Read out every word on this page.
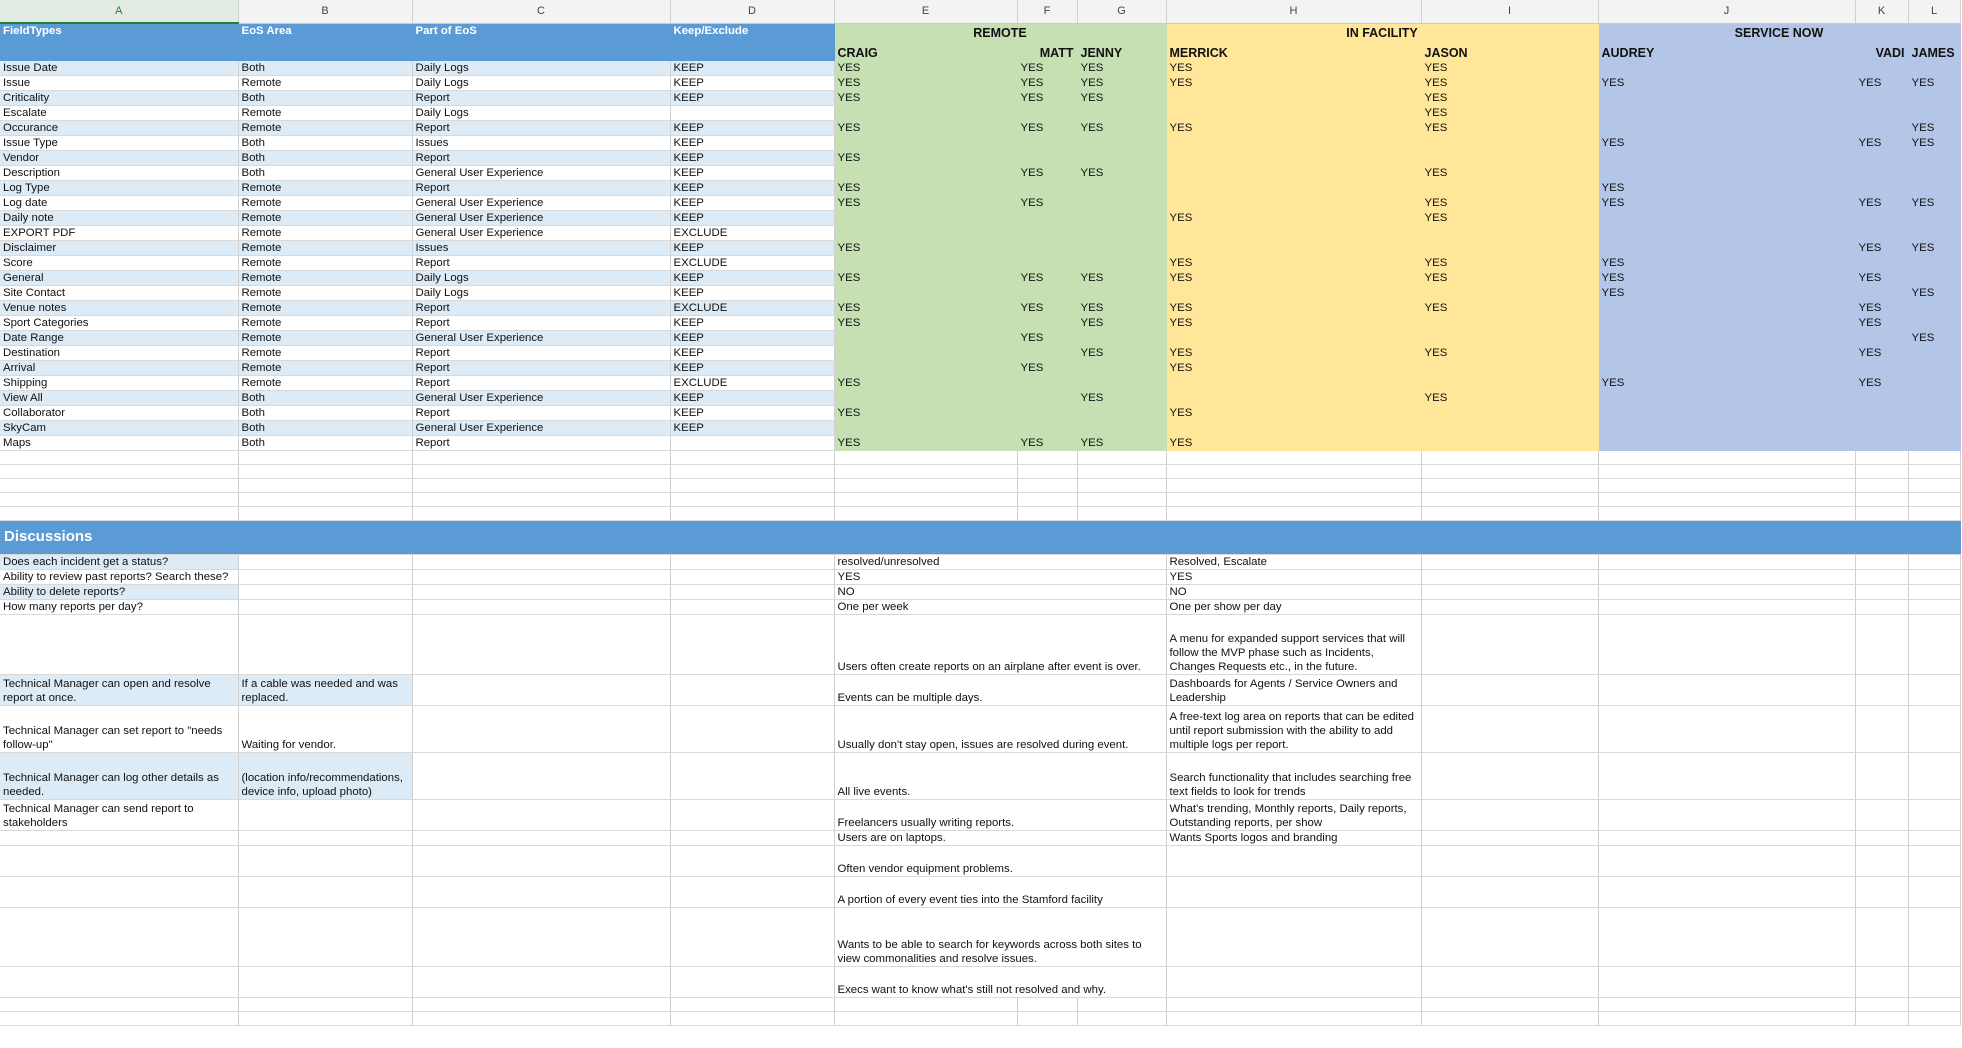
A	B	C	D	E	F	G	H	I	J	K	L
FieldTypes	EoS Area	Part of EoS	Keep/Exclude	REMOTE			IN FACILITY		SERVICE NOW		
				CRAIG	MATT	JENNY	MERRICK	JASON	AUDREY	VADI	JAMES
Issue Date	Both	Daily Logs	KEEP	YES	YES	YES	YES	YES			
Issue	Remote	Daily Logs	KEEP	YES	YES	YES	YES	YES	YES	YES	YES
Criticality	Both	Report	KEEP	YES	YES	YES		YES			
Escalate	Remote	Daily Logs						YES			
Occurance	Remote	Report	KEEP	YES	YES	YES	YES	YES			YES
Issue Type	Both	Issues	KEEP						YES	YES	YES
Vendor	Both	Report	KEEP	YES							
Description	Both	General User Experience	KEEP		YES	YES		YES			
Log Type	Remote	Report	KEEP	YES					YES		
Log date	Remote	General User Experience	KEEP	YES	YES			YES	YES	YES	YES
Daily note	Remote	General User Experience	KEEP				YES	YES			
EXPORT PDF	Remote	General User Experience	EXCLUDE								
Disclaimer	Remote	Issues	KEEP	YES						YES	YES
Score	Remote	Report	EXCLUDE				YES	YES	YES		
General	Remote	Daily Logs	KEEP	YES	YES	YES	YES	YES	YES	YES	
Site Contact	Remote	Daily Logs	KEEP						YES		YES
Venue notes	Remote	Report	EXCLUDE	YES	YES	YES	YES	YES		YES	
Sport Categories	Remote	Report	KEEP	YES		YES	YES			YES	
Date Range	Remote	General User Experience	KEEP		YES						YES
Destination	Remote	Report	KEEP			YES	YES	YES		YES	
Arrival	Remote	Report	KEEP		YES		YES				
Shipping	Remote	Report	EXCLUDE	YES					YES	YES	
View All	Both	General User Experience	KEEP			YES		YES			
Collaborator	Both	Report	KEEP	YES			YES				
SkyCam	Both	General User Experience	KEEP								
Maps	Both	Report		YES	YES	YES	YES				

Discussions											
Does each incident get a status?				resolved/unresolved			Resolved, Escalate				
Ability to review past reports? Search these?				YES			YES				
Ability to delete reports?				NO			NO				
How many reports per day?				One per week			One per show per day				
				Users often create reports on an airplane after event is over.			A menu for expanded support services that will follow the MVP phase such as Incidents, Changes Requests etc., in the future.				
Technical Manager can open and resolve report at once.	If a cable was needed and was replaced.			Events can be multiple days.			Dashboards for Agents / Service Owners and Leadership				
Technical Manager can set report to "needs follow-up"	Waiting for vendor.			Usually don't stay open, issues are resolved during event.			A free-text log area on reports that can be edited until report submission with the ability to add multiple logs per report.				
Technical Manager can log other details as needed.	(location info/recommendations, device info, upload photo)			All live events.			Search functionality that includes searching free text fields to look for trends				
Technical Manager can send report to stakeholders				Freelancers usually writing reports.			What's trending, Monthly reports, Daily reports, Outstanding reports, per show				
				Users are on laptops.			Wants Sports logos and branding				
				Often vendor equipment problems.							
				A portion of every event ties into the Stamford facility							
				Wants to be able to search for keywords across both sites to view commonalities and resolve issues.							
				Execs want to know what's still not resolved and why.							
